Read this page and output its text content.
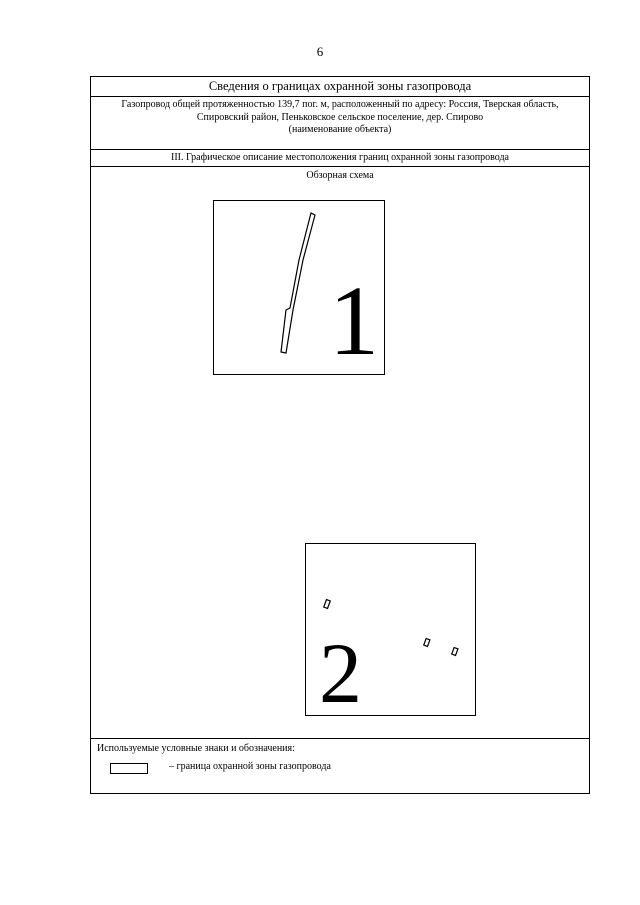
6
Сведения о границах охранной зоны газопровода
Газопровод общей протяженностью 139,7 пог. м, расположенный по адресу: Россия, Тверская область,
Спировский район, Пеньковское сельское поселение, дер. Спирово
(наименование объекта)
III. Графическое описание местоположения границ охранной зоны газопровода
Обзорная схема
1
2
Используемые условные знаки и обозначения:
– граница охранной зоны газопровода
